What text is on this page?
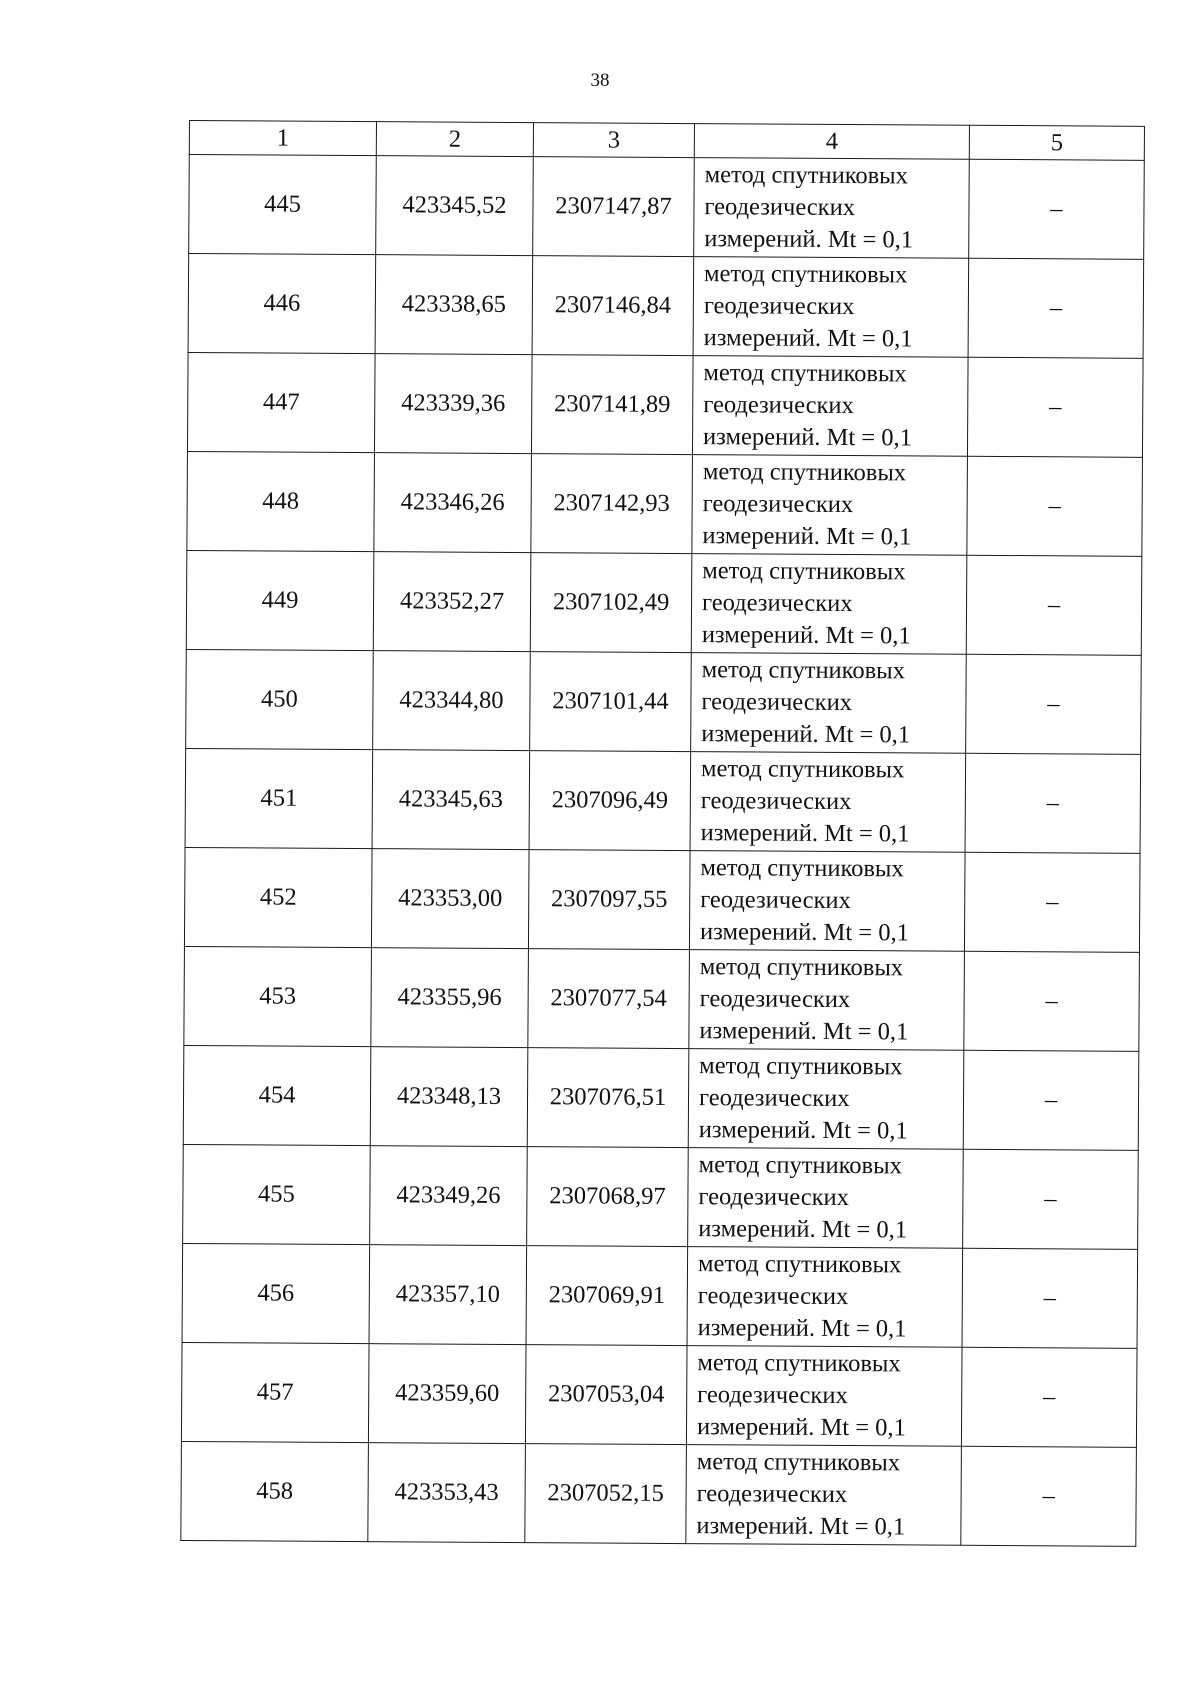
38
1	2	3	4	5
445	423345,52	2307147,87	метод спутниковых
геодезических
измерений. Mt = 0,1	–
446	423338,65	2307146,84	метод спутниковых
геодезических
измерений. Mt = 0,1	–
447	423339,36	2307141,89	метод спутниковых
геодезических
измерений. Mt = 0,1	–
448	423346,26	2307142,93	метод спутниковых
геодезических
измерений. Mt = 0,1	–
449	423352,27	2307102,49	метод спутниковых
геодезических
измерений. Mt = 0,1	–
450	423344,80	2307101,44	метод спутниковых
геодезических
измерений. Mt = 0,1	–
451	423345,63	2307096,49	метод спутниковых
геодезических
измерений. Mt = 0,1	–
452	423353,00	2307097,55	метод спутниковых
геодезических
измерений. Mt = 0,1	–
453	423355,96	2307077,54	метод спутниковых
геодезических
измерений. Mt = 0,1	–
454	423348,13	2307076,51	метод спутниковых
геодезических
измерений. Mt = 0,1	–
455	423349,26	2307068,97	метод спутниковых
геодезических
измерений. Mt = 0,1	–
456	423357,10	2307069,91	метод спутниковых
геодезических
измерений. Mt = 0,1	–
457	423359,60	2307053,04	метод спутниковых
геодезических
измерений. Mt = 0,1	–
458	423353,43	2307052,15	метод спутниковых
геодезических
измерений. Mt = 0,1	–
